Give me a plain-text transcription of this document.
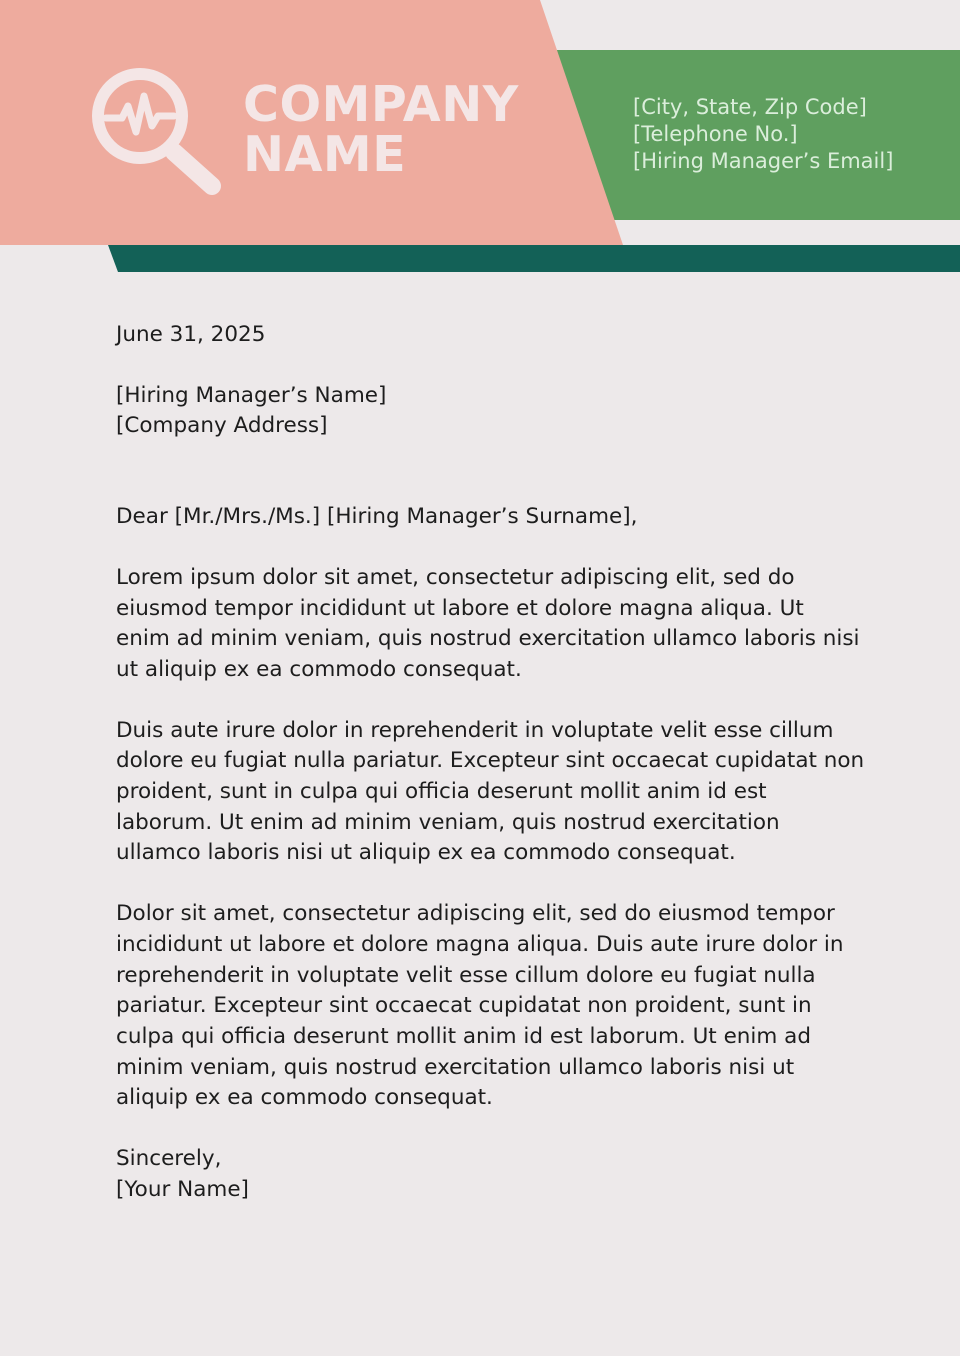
COMPANY
NAME
[City, State, Zip Code]
[Telephone No.]
[Hiring Manager’s Email]
June 31, 2025
[Hiring Manager’s Name]
[Company Address]
Dear [Mr./Mrs./Ms.] [Hiring Manager’s Surname],
Lorem ipsum dolor sit amet, consectetur adipiscing elit, sed do
eiusmod tempor incididunt ut labore et dolore magna aliqua. Ut
enim ad minim veniam, quis nostrud exercitation ullamco laboris nisi
ut aliquip ex ea commodo consequat.
Duis aute irure dolor in reprehenderit in voluptate velit esse cillum
dolore eu fugiat nulla pariatur. Excepteur sint occaecat cupidatat non
proident, sunt in culpa qui officia deserunt mollit anim id est
laborum. Ut enim ad minim veniam, quis nostrud exercitation
ullamco laboris nisi ut aliquip ex ea commodo consequat.
Dolor sit amet, consectetur adipiscing elit, sed do eiusmod tempor
incididunt ut labore et dolore magna aliqua. Duis aute irure dolor in
reprehenderit in voluptate velit esse cillum dolore eu fugiat nulla
pariatur. Excepteur sint occaecat cupidatat non proident, sunt in
culpa qui officia deserunt mollit anim id est laborum. Ut enim ad
minim veniam, quis nostrud exercitation ullamco laboris nisi ut
aliquip ex ea commodo consequat.
Sincerely,
[Your Name]
